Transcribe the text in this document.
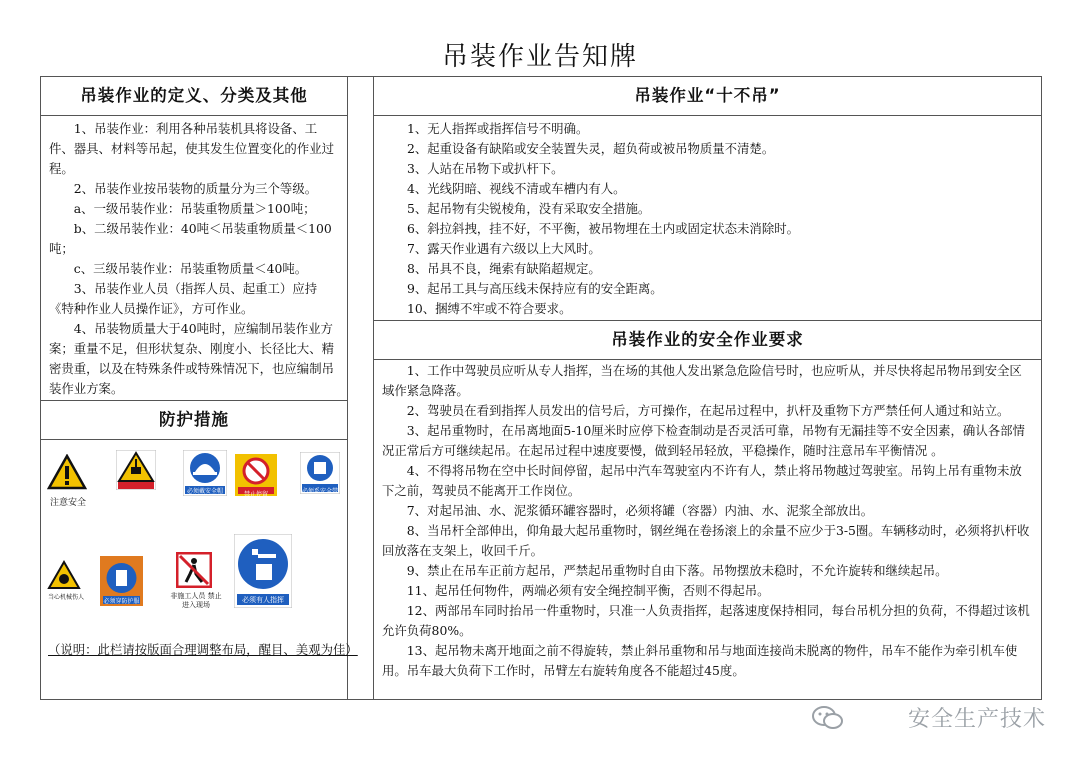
吊装作业告知牌
吊装作业的定义、分类及其他

1、吊装作业：利用各种吊装机具将设备、工件、器具、材料等吊起，使其发生位置变化的作业过程。

2、吊装作业按吊装物的质量分为三个等级。

a、一级吊装作业：吊装重物质量＞100吨；

b、二级吊装作业：40吨＜吊装重物质量＜100吨；

c、三级吊装作业：吊装重物质量＜40吨。

3、吊装作业人员（指挥人员、起重工）应持《特种作业人员操作证》，方可作业。

4、吊装物质量大于40吨时，应编制吊装作业方案；重量不足，但形状复杂、刚度小、长径比大、精密贵重，以及在特殊条件或特殊情况下，也应编制吊装作业方案。

防护措施
注意安全
当心吊物
必须戴安全帽	禁止停留	必须系安全带
当心机械伤人
必须穿防护服
非施工人员 禁止进入现场
必须有人指挥
（说明：此栏请按版面合理调整布局，醒目、美观为佳）
吊装作业“十不吊”

1、无人指挥或指挥信号不明确。

2、起重设备有缺陷或安全装置失灵，超负荷或被吊物质量不清楚。

3、人站在吊物下或扒杆下。

4、光线阴暗、视线不清或车槽内有人。

5、起吊物有尖锐棱角，没有采取安全措施。

6、斜拉斜拽，挂不好，不平衡，被吊物埋在土内或固定状态未消除时。

7、露天作业遇有六级以上大风时。

8、吊具不良，绳索有缺陷超规定。

9、起吊工具与高压线未保持应有的安全距离。

10、捆缚不牢或不符合要求。

吊装作业的安全作业要求

1、工作中驾驶员应听从专人指挥，当在场的其他人发出紧急危险信号时，也应听从，并尽快将起吊物吊到安全区域作紧急降落。

2、驾驶员在看到指挥人员发出的信号后，方可操作，在起吊过程中，扒杆及重物下方严禁任何人通过和站立。

3、起吊重物时，在吊离地面5-10厘米时应停下检查制动是否灵活可靠，吊物有无漏挂等不安全因素，确认各部情况正常后方可继续起吊。在起吊过程中速度要慢，做到轻吊轻放，平稳操作，随时注意吊车平衡情况 。

4、不得将吊物在空中长时间停留，起吊中汽车驾驶室内不许有人，禁止将吊物越过驾驶室。吊钩上吊有重物未放下之前，驾驶员不能离开工作岗位。

7、对起吊油、水、泥浆循环罐容器时，必须将罐（容器）内油、水、泥浆全部放出。

8、当吊杆全部伸出，仰角最大起吊重物时，钢丝绳在卷扬滚上的余量不应少于3-5圈。车辆移动时，必须将扒杆收回放落在支架上，收回千斤。

9、禁止在吊车正前方起吊，严禁起吊重物时自由下落。吊物摆放未稳时，不允许旋转和继续起吊。

11、起吊任何物件，两端必须有安全绳控制平衡，否则不得起吊。

12、两部吊车同时抬吊一件重物时，只准一人负责指挥，起落速度保持相同，每台吊机分担的负荷，不得超过该机允许负荷80%。

13、起吊物未离开地面之前不得旋转，禁止斜吊重物和吊与地面连接尚未脱离的物件，吊车不能作为牵引机车使用。吊车最大负荷下工作时，吊臂左右旋转角度各不能超过45度。

安全生产技术
